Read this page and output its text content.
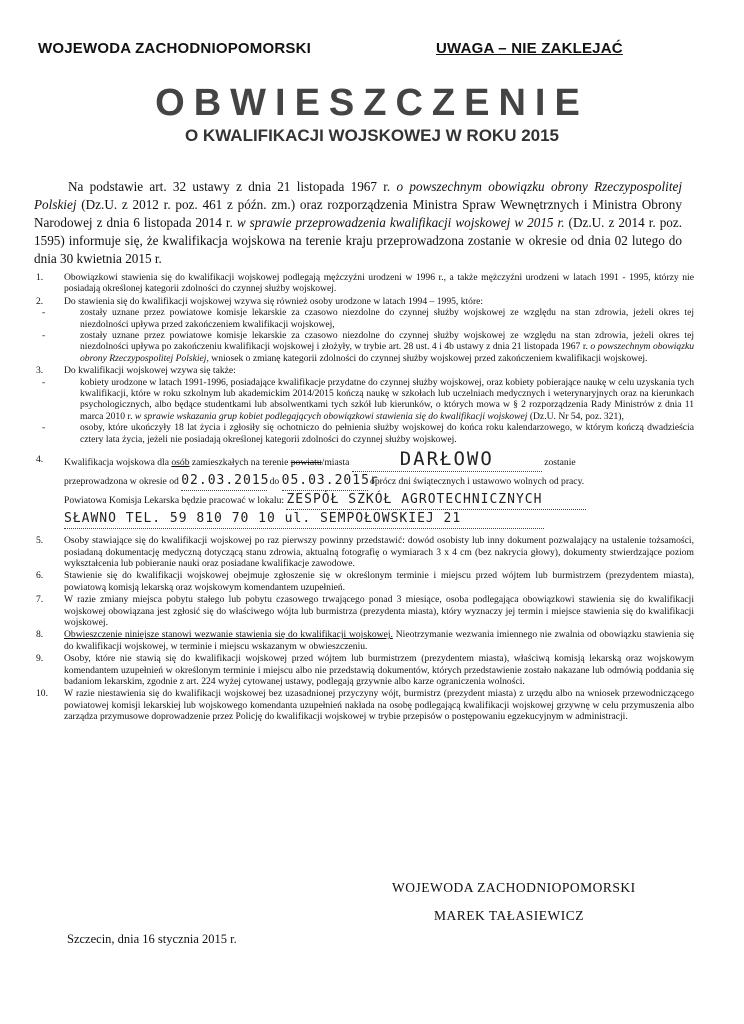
WOJEWODA ZACHODNIOPOMORSKI	UWAGA – NIE ZAKLEJAĆ
OBWIESZCZENIE
O KWALIFIKACJI WOJSKOWEJ W ROKU 2015
Na podstawie art. 32 ustawy z dnia 21 listopada 1967 r. o powszechnym obowiązku obrony Rzeczypospolitej Polskiej (Dz.U. z 2012 r. poz. 461 z późn. zm.) oraz rozporządzenia Ministra Spraw Wewnętrznych i Ministra Obrony Narodowej z dnia 6 listopada 2014 r. w sprawie przeprowadzenia kwalifikacji wojskowej w 2015 r. (Dz.U. z 2014 r. poz. 1595) informuje się, że kwalifikacja wojskowa na terenie kraju przeprowadzona zostanie w okresie od dnia 02 lutego do dnia 30 kwietnia 2015 r.
1. Obowiązkowi stawienia się do kwalifikacji wojskowej podlegają mężczyźni urodzeni w 1996 r., a także mężczyźni urodzeni w latach 1991 - 1995, którzy nie posiadają określonej kategorii zdolności do czynnej służby wojskowej.
2. Do stawienia się do kwalifikacji wojskowej wzywa się również osoby urodzone w latach 1994 – 1995, które:
- zostały uznane przez powiatowe komisje lekarskie za czasowo niezdolne do czynnej służby wojskowej ze względu na stan zdrowia, jeżeli okres tej niezdolności upływa przed zakończeniem kwalifikacji wojskowej,
- zostały uznane przez powiatowe komisje lekarskie za czasowo niezdolne do czynnej służby wojskowej ze względu na stan zdrowia, jeżeli okres tej niezdolności upływa po zakończeniu kwalifikacji wojskowej i złożyły, w trybie art. 28 ust. 4 i 4b ustawy z dnia 21 listopada 1967 r. o powszechnym obowiązku obrony Rzeczypospolitej Polskiej, wniosek o zmianę kategorii zdolności do czynnej służby wojskowej przed zakończeniem kwalifikacji wojskowej.
3. Do kwalifikacji wojskowej wzywa się także:
- kobiety urodzone w latach 1991-1996, posiadające kwalifikacje przydatne do czynnej służby wojskowej, oraz kobiety pobierające naukę w celu uzyskania tych kwalifikacji, które w roku szkolnym lub akademickim 2014/2015 kończą naukę w szkołach lub uczelniach medycznych i weterynaryjnych oraz na kierunkach psychologicznych, albo będące studentkami lub absolwentkami tych szkół lub kierunków, o których mowa w § 2 rozporządzenia Rady Ministrów z dnia 11 marca 2010 r. w sprawie wskazania grup kobiet podlegających obowiązkowi stawienia się do kwalifikacji wojskowej (Dz.U. Nr 54, poz. 321),
- osoby, które ukończyły 18 lat życia i zgłosiły się ochotniczo do pełnienia służby wojskowej do końca roku kalendarzowego, w którym kończą dwadzieścia cztery lata życia, jeżeli nie posiadają określonej kategorii zdolności do czynnej służby wojskowej.
4. Kwalifikacja wojskowa dla osób zamieszkałych na terenie powiatu/miasta	DARŁOWO	zostanie
przeprowadzona w okresie od 02.03.2015 do 05.03.2015r oprócz dni świątecznych i ustawowo wolnych od pracy.
Powiatowa Komisja Lekarska będzie pracować w lokalu: ZESPÓŁ SZKÓŁ AGROTECHNICZNYCH
SŁAWNO TEL. 59 810 70 10 ul. SEMPOŁOWSKIEJ 21
5. Osoby stawiające się do kwalifikacji wojskowej po raz pierwszy powinny przedstawić: dowód osobisty lub inny dokument pozwalający na ustalenie tożsamości, posiadaną dokumentację medyczną dotyczącą stanu zdrowia, aktualną fotografię o wymiarach 3 x 4 cm (bez nakrycia głowy), dokumenty stwierdzające poziom wykształcenia lub pobieranie nauki oraz posiadane kwalifikacje zawodowe.
6. Stawienie się do kwalifikacji wojskowej obejmuje zgłoszenie się w określonym terminie i miejscu przed wójtem lub burmistrzem (prezydentem miasta), powiatową komisją lekarską oraz wojskowym komendantem uzupełnień.
7. W razie zmiany miejsca pobytu stałego lub pobytu czasowego trwającego ponad 3 miesiące, osoba podlegająca obowiązkowi stawienia się do kwalifikacji wojskowej obowiązana jest zgłosić się do właściwego wójta lub burmistrza (prezydenta miasta), który wyznaczy jej termin i miejsce stawienia się do kwalifikacji wojskowej.
8. Obwieszczenie niniejsze stanowi wezwanie stawienia się do kwalifikacji wojskowej. Nieotrzymanie wezwania imiennego nie zwalnia od obowiązku stawienia się do kwalifikacji wojskowej, w terminie i miejscu wskazanym w obwieszczeniu.
9. Osoby, które nie stawią się do kwalifikacji wojskowej przed wójtem lub burmistrzem (prezydentem miasta), właściwą komisją lekarską oraz wojskowym komendantem uzupełnień w określonym terminie i miejscu albo nie przedstawią dokumentów, których przedstawienie zostało nakazane lub odmówią poddania się badaniom lekarskim, zgodnie z art. 224 wyżej cytowanej ustawy, podlegają grzywnie albo karze ograniczenia wolności.
10. W razie niestawienia się do kwalifikacji wojskowej bez uzasadnionej przyczyny wójt, burmistrz (prezydent miasta) z urzędu albo na wniosek przewodniczącego powiatowej komisji lekarskiej lub wojskowego komendanta uzupełnień nakłada na osobę podlegającą kwalifikacji wojskowej grzywnę w celu przymuszenia albo zarządza przymusowe doprowadzenie przez Policję do kwalifikacji wojskowej w trybie przepisów o postępowaniu egzekucyjnym w administracji.
WOJEWODA ZACHODNIOPOMORSKI
MAREK TAŁASIEWICZ
Szczecin, dnia 16 stycznia 2015 r.
